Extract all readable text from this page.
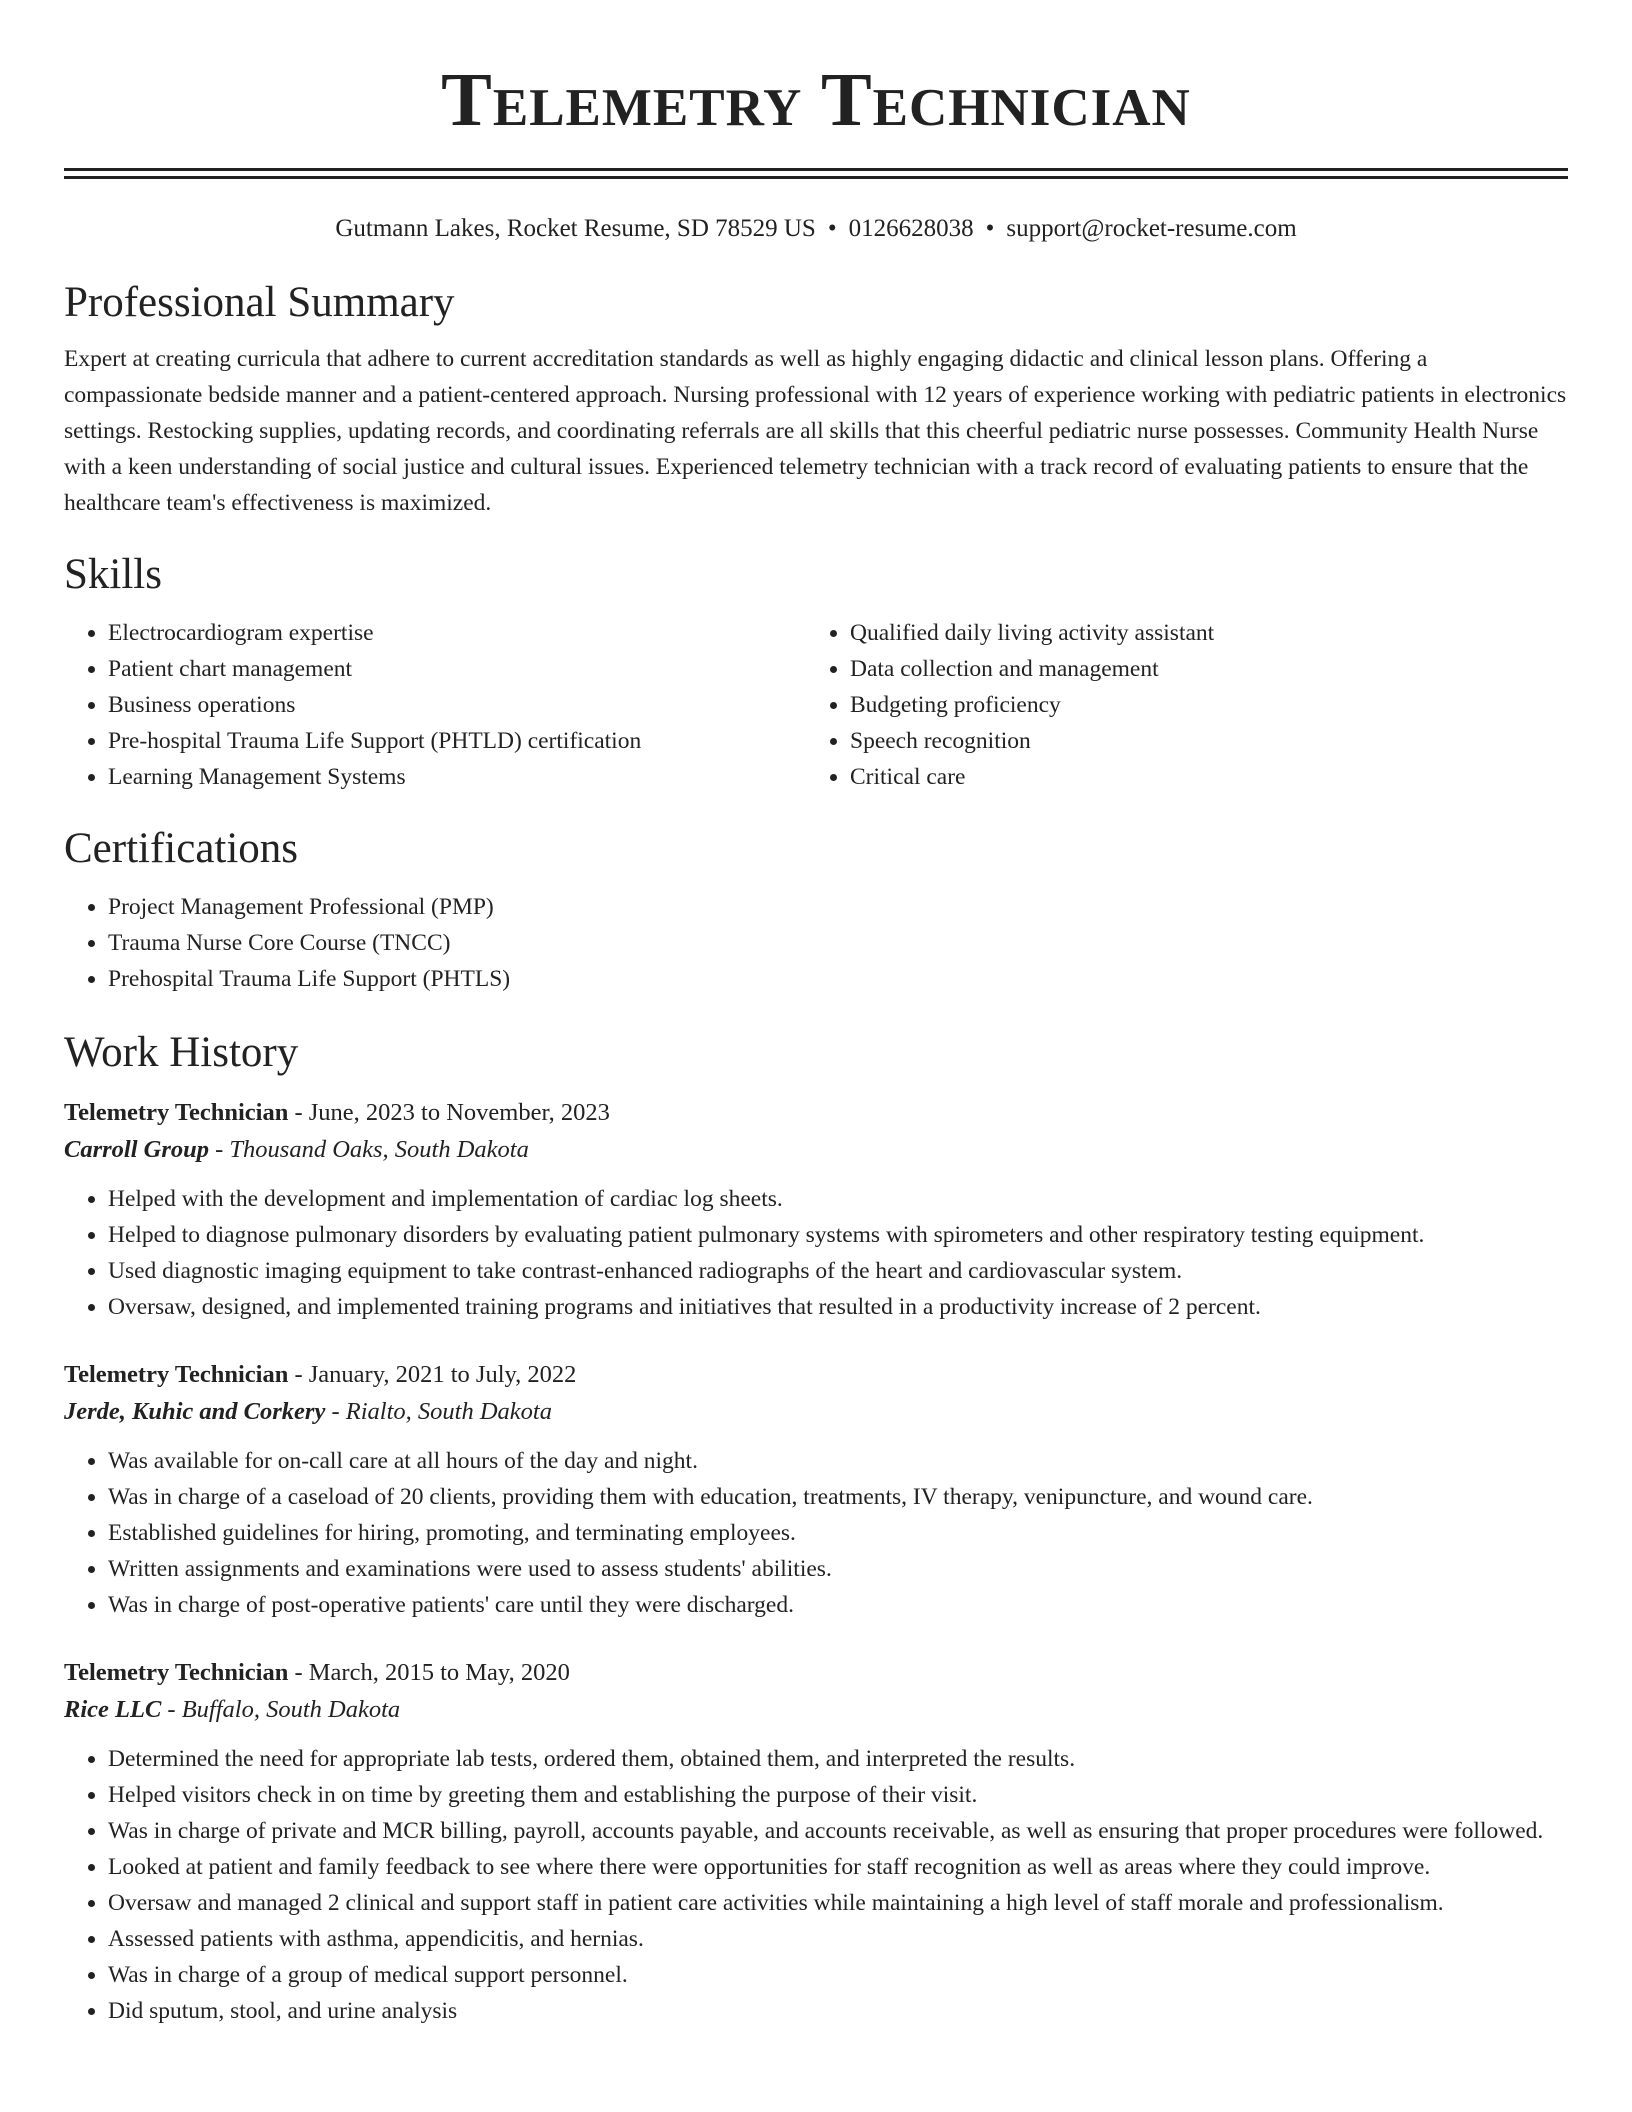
Telemetry Technician
Gutmann Lakes, Rocket Resume, SD 78529 US • 0126628038 • support@rocket-resume.com
Professional Summary

Expert at creating curricula that adhere to current accreditation standards as well as highly engaging didactic and clinical lesson plans. Offering a compassionate bedside manner and a patient-centered approach. Nursing professional with 12 years of experience working with pediatric patients in electronics settings. Restocking supplies, updating records, and coordinating referrals are all skills that this cheerful pediatric nurse possesses. Community Health Nurse with a keen understanding of social justice and cultural issues. Experienced telemetry technician with a track record of evaluating patients to ensure that the healthcare team's effectiveness is maximized.

Skills
• Electrocardiogram expertise
• Patient chart management
• Business operations
• Pre-hospital Trauma Life Support (PHTLD) certification
• Learning Management Systems
• Qualified daily living activity assistant
• Data collection and management
• Budgeting proficiency
• Speech recognition
• Critical care
Certifications
• Project Management Professional (PMP)
• Trauma Nurse Core Course (TNCC)
• Prehospital Trauma Life Support (PHTLS)
Work History
Telemetry Technician - June, 2023 to November, 2023
Carroll Group - Thousand Oaks, South Dakota
• Helped with the development and implementation of cardiac log sheets.
• Helped to diagnose pulmonary disorders by evaluating patient pulmonary systems with spirometers and other respiratory testing equipment.
• Used diagnostic imaging equipment to take contrast-enhanced radiographs of the heart and cardiovascular system.
• Oversaw, designed, and implemented training programs and initiatives that resulted in a productivity increase of 2 percent.
Telemetry Technician - January, 2021 to July, 2022
Jerde, Kuhic and Corkery - Rialto, South Dakota
• Was available for on-call care at all hours of the day and night.
• Was in charge of a caseload of 20 clients, providing them with education, treatments, IV therapy, venipuncture, and wound care.
• Established guidelines for hiring, promoting, and terminating employees.
• Written assignments and examinations were used to assess students' abilities.
• Was in charge of post-operative patients' care until they were discharged.
Telemetry Technician - March, 2015 to May, 2020
Rice LLC - Buffalo, South Dakota
• Determined the need for appropriate lab tests, ordered them, obtained them, and interpreted the results.
• Helped visitors check in on time by greeting them and establishing the purpose of their visit.
• Was in charge of private and MCR billing, payroll, accounts payable, and accounts receivable, as well as ensuring that proper procedures were followed.
• Looked at patient and family feedback to see where there were opportunities for staff recognition as well as areas where they could improve.
• Oversaw and managed 2 clinical and support staff in patient care activities while maintaining a high level of staff morale and professionalism.
• Assessed patients with asthma, appendicitis, and hernias.
• Was in charge of a group of medical support personnel.
• Did sputum, stool, and urine analysis
